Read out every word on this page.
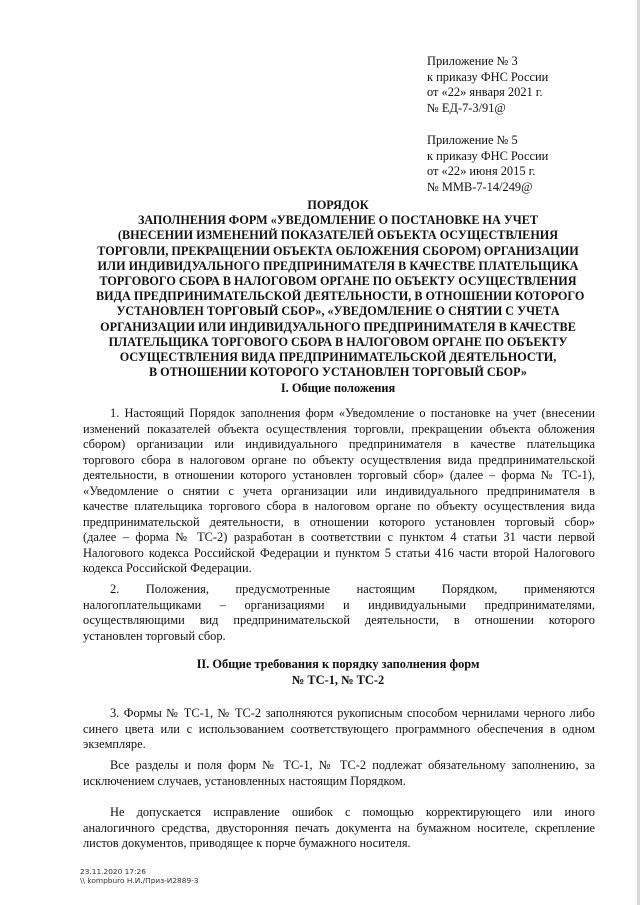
Приложение № 3
к приказу ФНС России
от «22» января 2021 г.
№ ЕД-7-3/91@
Приложение № 5
к приказу ФНС России
от «22» июня 2015 г.
№ ММВ-7-14/249@
ПОРЯДОК
ЗАПОЛНЕНИЯ ФОРМ «УВЕДОМЛЕНИЕ О ПОСТАНОВКЕ НА УЧЕТ
(ВНЕСЕНИИ ИЗМЕНЕНИЙ ПОКАЗАТЕЛЕЙ ОБЪЕКТА ОСУЩЕСТВЛЕНИЯ
ТОРГОВЛИ, ПРЕКРАЩЕНИИ ОБЪЕКТА ОБЛОЖЕНИЯ СБОРОМ) ОРГАНИЗАЦИИ
ИЛИ ИНДИВИДУАЛЬНОГО ПРЕДПРИНИМАТЕЛЯ В КАЧЕСТВЕ ПЛАТЕЛЬЩИКА
ТОРГОВОГО СБОРА В НАЛОГОВОМ ОРГАНЕ ПО ОБЪЕКТУ ОСУЩЕСТВЛЕНИЯ
ВИДА ПРЕДПРИНИМАТЕЛЬСКОЙ ДЕЯТЕЛЬНОСТИ, В ОТНОШЕНИИ КОТОРОГО
УСТАНОВЛЕН ТОРГОВЫЙ СБОР», «УВЕДОМЛЕНИЕ О СНЯТИИ С УЧЕТА
ОРГАНИЗАЦИИ ИЛИ ИНДИВИДУАЛЬНОГО ПРЕДПРИНИМАТЕЛЯ В КАЧЕСТВЕ
ПЛАТЕЛЬЩИКА ТОРГОВОГО СБОРА В НАЛОГОВОМ ОРГАНЕ ПО ОБЪЕКТУ
ОСУЩЕСТВЛЕНИЯ ВИДА ПРЕДПРИНИМАТЕЛЬСКОЙ ДЕЯТЕЛЬНОСТИ,
В ОТНОШЕНИИ КОТОРОГО УСТАНОВЛЕН ТОРГОВЫЙ СБОР»
I. Общие положения
1. Настоящий Порядок заполнения форм «Уведомление о постановке на учет (внесении
изменений показателей объекта осуществления торговли, прекращении объекта обложения
сбором) организации или индивидуального предпринимателя в качестве плательщика
торгового сбора в налоговом органе по объекту осуществления вида предпринимательской
деятельности, в отношении которого установлен торговый сбор» (далее – форма № ТС-1),
«Уведомление о снятии с учета организации или индивидуального предпринимателя в
качестве плательщика торгового сбора в налоговом органе по объекту осуществления вида
предпринимательской деятельности, в отношении которого установлен торговый сбор»
(далее – форма № ТС-2) разработан в соответствии с пунктом 4 статьи 31 части первой
Налогового кодекса Российской Федерации и пунктом 5 статьи 416 части второй Налогового
кодекса Российской Федерации.
2. Положения, предусмотренные настоящим Порядком, применяются
налогоплательщиками – организациями и индивидуальными предпринимателями,
осуществляющими вид предпринимательской деятельности, в отношении которого
установлен торговый сбор.
II. Общие требования к порядку заполнения форм
№ ТС-1, № ТС-2
3. Формы № ТС-1, № ТС-2 заполняются рукописным способом чернилами черного либо
синего цвета или с использованием соответствующего программного обеспечения в одном
экземпляре.
Все разделы и поля форм № ТС-1, № ТС-2 подлежат обязательному заполнению, за
исключением случаев, установленных настоящим Порядком.
Не допускается исправление ошибок с помощью корректирующего или иного
аналогичного средства, двусторонняя печать документа на бумажном носителе, скрепление
листов документов, приводящее к порче бумажного носителя.
23.11.2020 17:26
\\ kompburo Н.И./Приз-И2889-3
